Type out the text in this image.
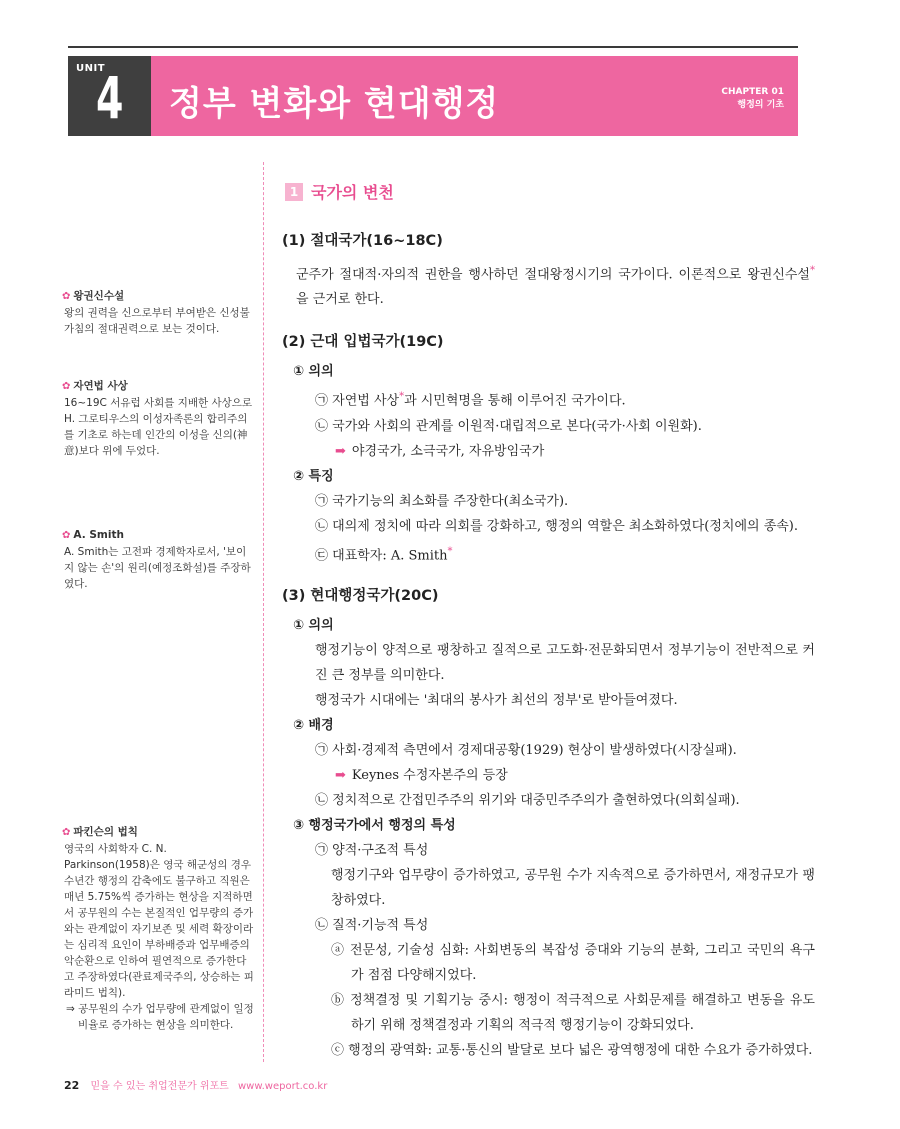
UNIT
4 정부 변화와 현대행정	CHAPTER 01
행정의 기초
✿ 왕권신수설
왕의 권력을 신으로부터 부여받은 신성불가침의 절대권력으로 보는 것이다.
✿ 자연법 사상
16~19C 서유럽 사회를 지배한 사상으로 H. 그로티우스의 이성자족론의 합리주의를 기초로 하는데 인간의 이성을 신의(神意)보다 위에 두었다.
✿ A. Smith
A. Smith는 고전파 경제학자로서, '보이지 않는 손'의 원리(예정조화설)를 주장하였다.
✿ 파킨슨의 법칙
영국의 사회학자 C. N. Parkinson(1958)은 영국 해군성의 경우 수년간 행정의 감축에도 불구하고 직원은 매년 5.75%씩 증가하는 현상을 지적하면서 공무원의 수는 본질적인 업무량의 증가와는 관계없이 자기보존 및 세력 확장이라는 심리적 요인이 부하배증과 업무배증의 악순환으로 인하여 필연적으로 증가한다고 주장하였다(관료제국주의, 상승하는 피라미드 법칙).
⇒ 공무원의 수가 업무량에 관계없이 일정비율로 증가하는 현상을 의미한다.
1 국가의 변천
(1) 절대국가(16~18C)
군주가 절대적·자의적 권한을 행사하던 절대왕정시기의 국가이다. 이론적으로 왕권신수설*을 근거로 한다.
(2) 근대 입법국가(19C)
① 의의
㉠ 자연법 사상*과 시민혁명을 통해 이루어진 국가이다.
㉡ 국가와 사회의 관계를 이원적·대립적으로 본다(국가·사회 이원화).
➡ 야경국가, 소극국가, 자유방임국가
② 특징
㉠ 국가기능의 최소화를 주장한다(최소국가).
㉡ 대의제 정치에 따라 의회를 강화하고, 행정의 역할은 최소화하였다(정치에의 종속).
㉢ 대표학자: A. Smith*
(3) 현대행정국가(20C)
① 의의
행정기능이 양적으로 팽창하고 질적으로 고도화·전문화되면서 정부기능이 전반적으로 커진 큰 정부를 의미한다.
행정국가 시대에는 '최대의 봉사가 최선의 정부'로 받아들여졌다.
② 배경
㉠ 사회·경제적 측면에서 경제대공황(1929) 현상이 발생하였다(시장실패).
➡ Keynes 수정자본주의 등장
㉡ 정치적으로 간접민주주의 위기와 대중민주주의가 출현하였다(의회실패).
③ 행정국가에서 행정의 특성
㉠ 양적·구조적 특성
행정기구와 업무량이 증가하였고, 공무원 수가 지속적으로 증가하면서, 재정규모가 팽창하였다.
㉡ 질적·기능적 특성
ⓐ 전문성, 기술성 심화: 사회변동의 복잡성 증대와 기능의 분화, 그리고 국민의 욕구가 점점 다양해지었다.
ⓑ 정책결정 및 기획기능 중시: 행정이 적극적으로 사회문제를 해결하고 변동을 유도하기 위해 정책결정과 기획의 적극적 행정기능이 강화되었다.
ⓒ 행정의 광역화: 교통·통신의 발달로 보다 넓은 광역행정에 대한 수요가 증가하였다.
22 믿을 수 있는 취업전문가 위포트 www.weport.co.kr
